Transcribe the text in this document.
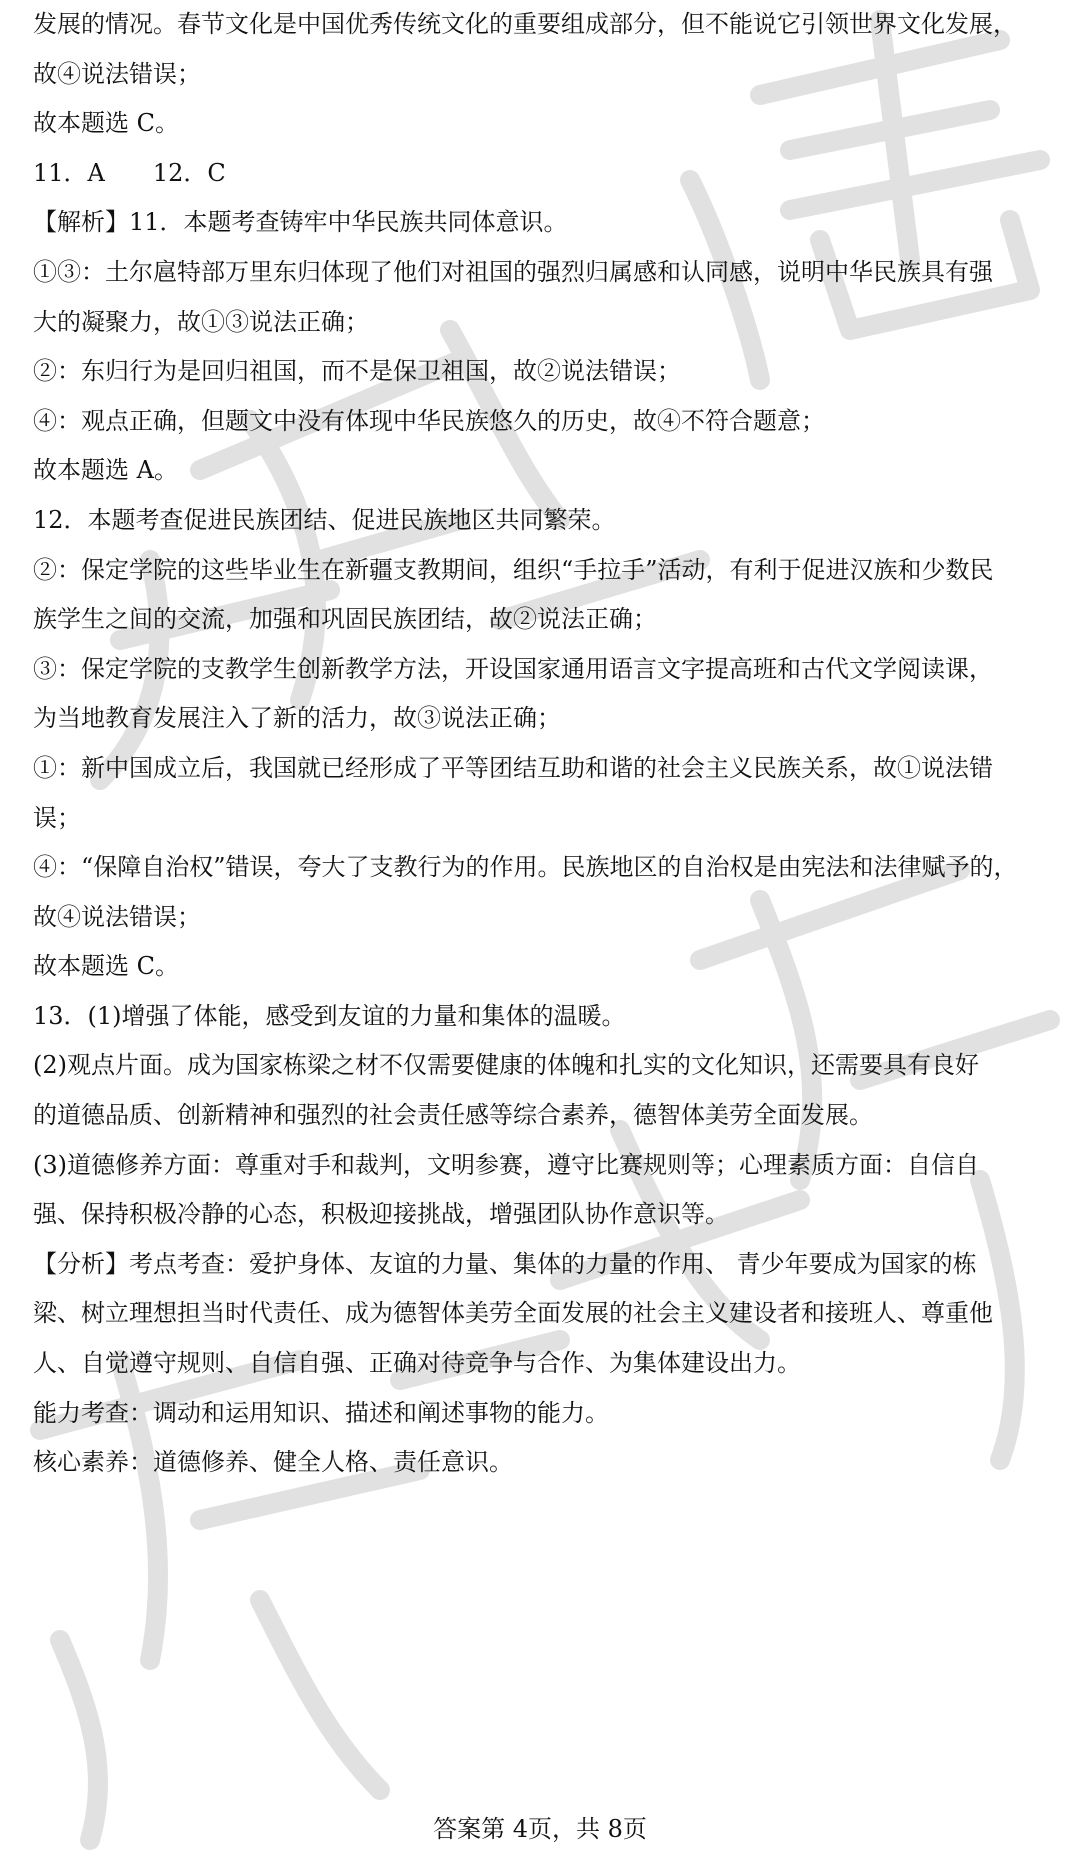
发展的情况。春节文化是中国优秀传统文化的重要组成部分，但不能说它引领世界文化发展，

故④说法错误；

故本题选 C。

11．A　　12．C

【解析】11．本题考查铸牢中华民族共同体意识。

①③：土尔扈特部万里东归体现了他们对祖国的强烈归属感和认同感，说明中华民族具有强

大的凝聚力，故①③说法正确；

②：东归行为是回归祖国，而不是保卫祖国，故②说法错误；

④：观点正确，但题文中没有体现中华民族悠久的历史，故④不符合题意；

故本题选 A。

12．本题考查促进民族团结、促进民族地区共同繁荣。

②：保定学院的这些毕业生在新疆支教期间，组织“手拉手”活动，有利于促进汉族和少数民

族学生之间的交流，加强和巩固民族团结，故②说法正确；

③：保定学院的支教学生创新教学方法，开设国家通用语言文字提高班和古代文学阅读课，

为当地教育发展注入了新的活力，故③说法正确；

①：新中国成立后，我国就已经形成了平等团结互助和谐的社会主义民族关系，故①说法错

误；

④：“保障自治权”错误，夸大了支教行为的作用。民族地区的自治权是由宪法和法律赋予的，

故④说法错误；

故本题选 C。

13．(1)增强了体能，感受到友谊的力量和集体的温暖。

(2)观点片面。成为国家栋梁之材不仅需要健康的体魄和扎实的文化知识，还需要具有良好

的道德品质、创新精神和强烈的社会责任感等综合素养，德智体美劳全面发展。

(3)道德修养方面：尊重对手和裁判，文明参赛，遵守比赛规则等；心理素质方面：自信自

强、保持积极冷静的心态，积极迎接挑战，增强团队协作意识等。

【分析】考点考查：爱护身体、友谊的力量、集体的力量的作用、 青少年要成为国家的栋

梁、树立理想担当时代责任、成为德智体美劳全面发展的社会主义建设者和接班人、尊重他

人、自觉遵守规则、自信自强、正确对待竞争与合作、为集体建设出力。

能力考查：调动和运用知识、描述和阐述事物的能力。

核心素养：道德修养、健全人格、责任意识。

答案第 4页，共 8页
